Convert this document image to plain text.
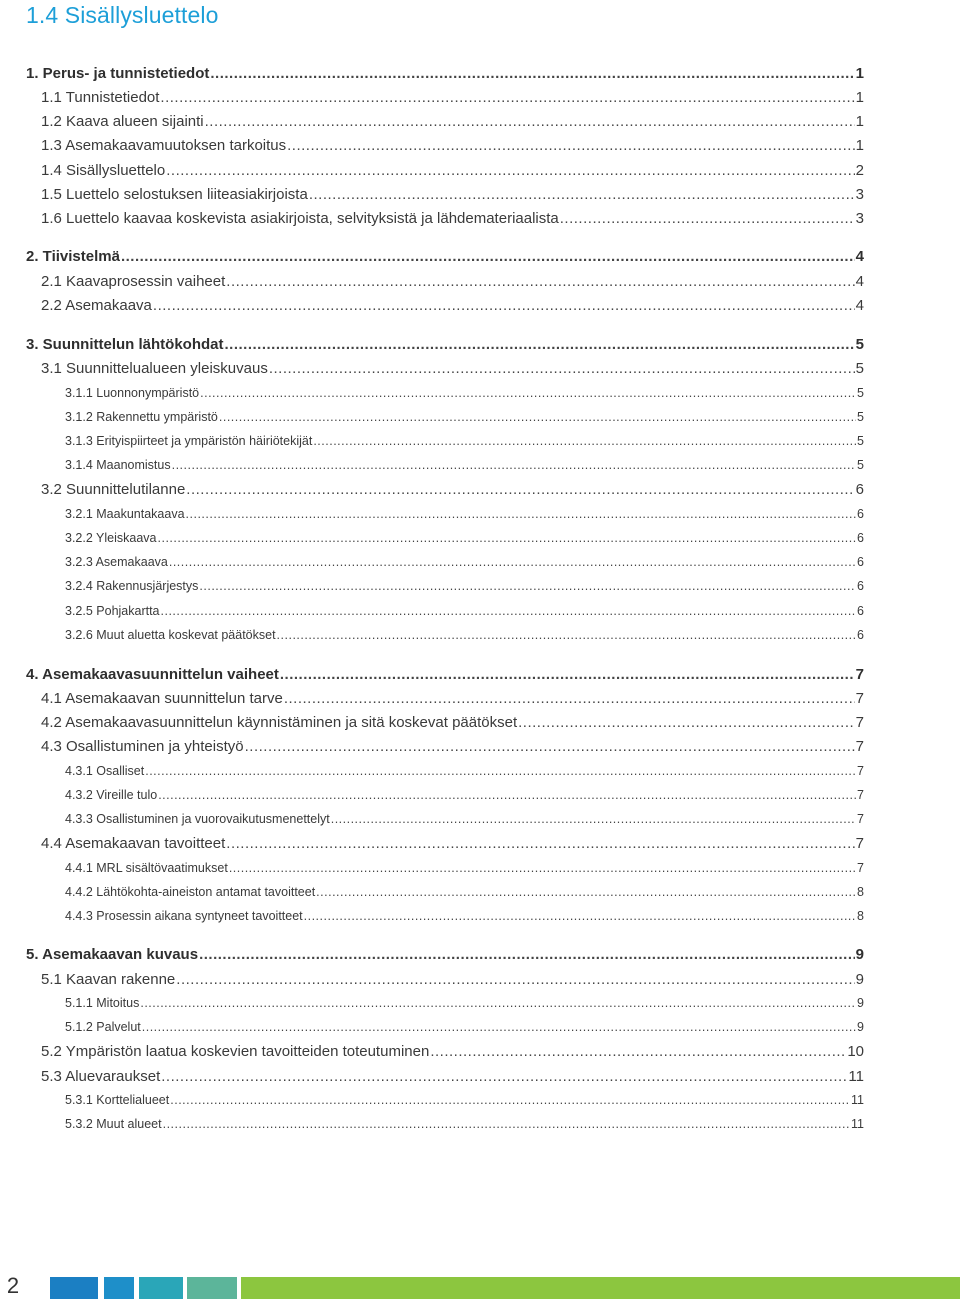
1.4 Sisällysluettelo
1. Perus- ja tunnistetiedot .....	1
1.1 Tunnistetiedot .....	1
1.2 Kaava alueen sijainti .....	1
1.3 Asemakaavamuutoksen tarkoitus .....	1
1.4 Sisällysluettelo .....	2
1.5 Luettelo selostuksen liiteasiakirjoista .....	3
1.6 Luettelo kaavaa koskevista asiakirjoista, selvityksistä ja lähdemateriaalista .....	3
2. Tiivistelmä .....	4
2.1 Kaavaprosessin vaiheet .....	4
2.2 Asemakaava .....	4
3. Suunnittelun lähtökohdat .....	5
3.1 Suunnittelualueen yleiskuvaus .....	5
3.1.1 Luonnonympäristö .....	5
3.1.2 Rakennettu ympäristö .....	5
3.1.3 Erityispiirteet ja ympäristön häiriötekijät .....	5
3.1.4 Maanomistus .....	5
3.2 Suunnittelutilanne .....	6
3.2.1 Maakuntakaava .....	6
3.2.2 Yleiskaava .....	6
3.2.3 Asemakaava .....	6
3.2.4 Rakennusjärjestys .....	6
3.2.5 Pohjakartta .....	6
3.2.6 Muut aluetta koskevat päätökset .....	6
4. Asemakaavasuunnittelun vaiheet .....	7
4.1 Asemakaavan suunnittelun tarve .....	7
4.2 Asemakaavasuunnittelun käynnistäminen ja sitä koskevat päätökset .....	7
4.3 Osallistuminen ja yhteistyö .....	7
4.3.1 Osalliset .....	7
4.3.2 Vireille tulo .....	7
4.3.3 Osallistuminen ja vuorovaikutusmenettelyt .....	7
4.4 Asemakaavan tavoitteet .....	7
4.4.1 MRL sisältövaatimukset .....	7
4.4.2 Lähtökohta-aineiston antamat tavoitteet .....	8
4.4.3 Prosessin aikana syntyneet tavoitteet .....	8
5. Asemakaavan kuvaus .....	9
5.1 Kaavan rakenne .....	9
5.1.1 Mitoitus .....	9
5.1.2 Palvelut .....	9
5.2 Ympäristön laatua koskevien tavoitteiden toteutuminen .....	10
5.3 Aluevaraukset .....	11
5.3.1 Korttelialueet .....	11
5.3.2 Muut alueet .....	11
2
